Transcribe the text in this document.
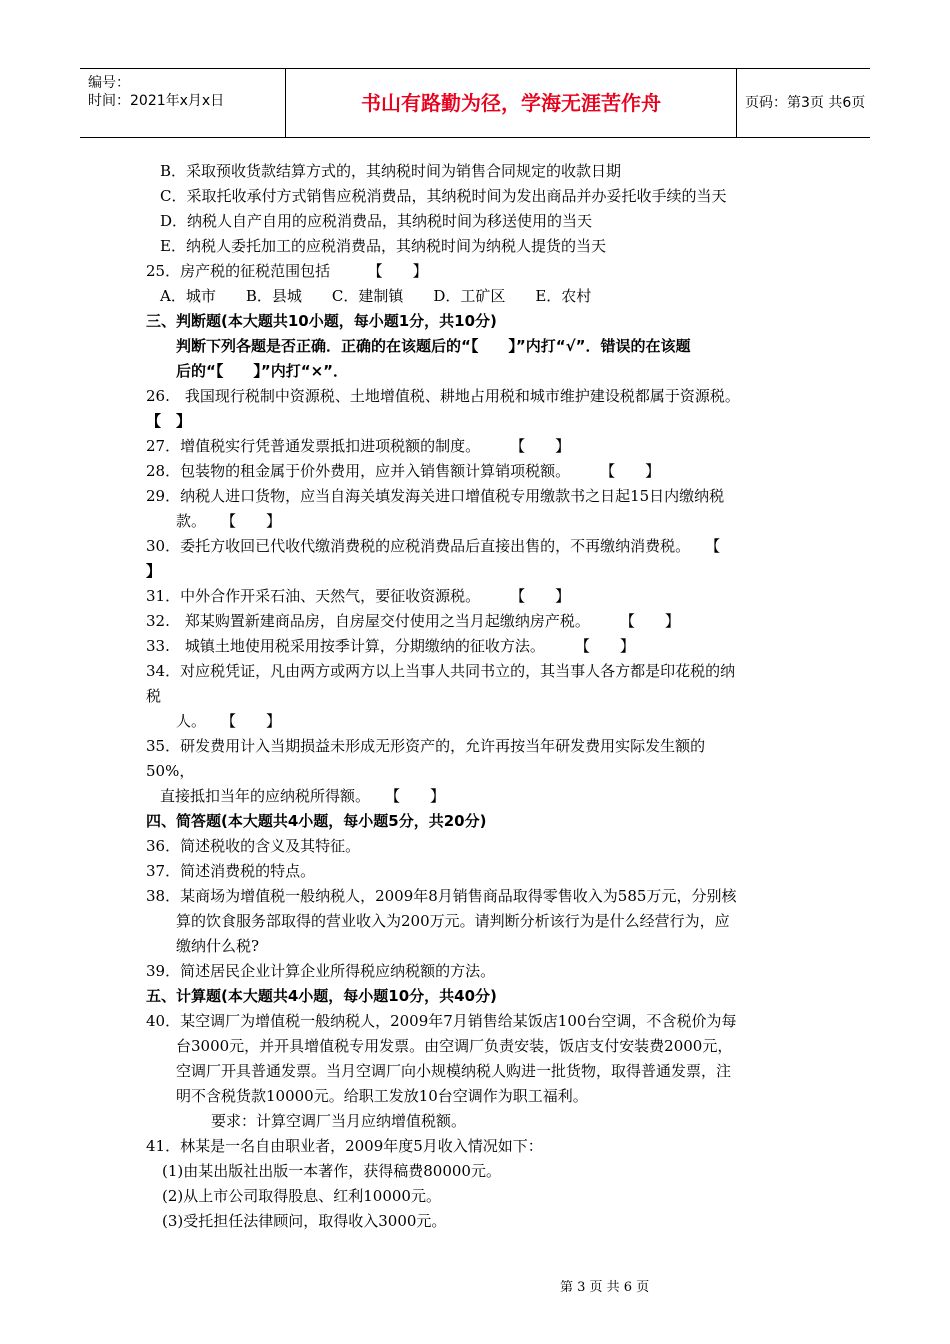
编号：
时间：2021年x月x日	书山有路勤为径，学海无涯苦作舟	页码：第3页 共6页
B．采取预收货款结算方式的，其纳税时间为销售合同规定的收款日期
C．采取托收承付方式销售应税消费品，其纳税时间为发出商品并办妥托收手续的当天
D．纳税人自产自用的应税消费品，其纳税时间为移送使用的当天
E．纳税人委托加工的应税消费品，其纳税时间为纳税人提货的当天
25．房产税的征税范围包括　　　【　　】
A．城市　　B．县城　　C．建制镇　　D．工矿区　　E．农村
三、判断题(本大题共10小题，每小题1分，共10分)
判断下列各题是否正确．正确的在该题后的“【　　】”内打“√”．错误的在该题
后的“【　　】”内打“×”．
26.　我国现行税制中资源税、土地增值税、耕地占用税和城市维护建设税都属于资源税。
【　】
27．增值税实行凭普通发票抵扣进项税额的制度。　　　【　　】
28．包装物的租金属于价外费用，应并入销售额计算销项税额。　　　【　　】
29．纳税人进口货物，应当自海关填发海关进口增值税专用缴款书之日起15日内缴纳税
款。　　【　　】
30．委托方收回已代收代缴消费税的应税消费品后直接出售的，不再缴纳消费税。　　【
】
31．中外合作开采石油、天然气，要征收资源税。　　　【　　】
32.　郑某购置新建商品房，自房屋交付使用之当月起缴纳房产税。　　　【　　】
33.　城镇土地使用税采用按季计算，分期缴纳的征收方法。　　　【　　】
34．对应税凭证，凡由两方或两方以上当事人共同书立的，其当事人各方都是印花税的纳
税
人。　　【　　】
35．研发费用计入当期损益未形成无形资产的，允许再按当年研发费用实际发生额的
50%，
直接抵扣当年的应纳税所得额。　　【　　】
四、简答题(本大题共4小题，每小题5分，共20分)
36．简述税收的含义及其特征。
37．简述消费税的特点。
38．某商场为增值税一般纳税人，2009年8月销售商品取得零售收入为585万元，分别核
算的饮食服务部取得的营业收入为200万元。请判断分析该行为是什么经营行为，应
缴纳什么税?
39．简述居民企业计算企业所得税应纳税额的方法。
五、计算题(本大题共4小题，每小题10分，共40分)
40．某空调厂为增值税一般纳税人，2009年7月销售给某饭店100台空调，不含税价为每
台3000元，并开具增值税专用发票。由空调厂负责安装，饭店支付安装费2000元，
空调厂开具普通发票。当月空调厂向小规模纳税人购进一批货物，取得普通发票，注
明不含税货款10000元。给职工发放10台空调作为职工福利。
要求：计算空调厂当月应纳增值税额。
41．林某是一名自由职业者，2009年度5月收入情况如下：
(1)由某出版社出版一本著作，获得稿费80000元。
(2)从上市公司取得股息、红利10000元。
(3)受托担任法律顾问，取得收入3000元。
第 3 页 共 6 页
